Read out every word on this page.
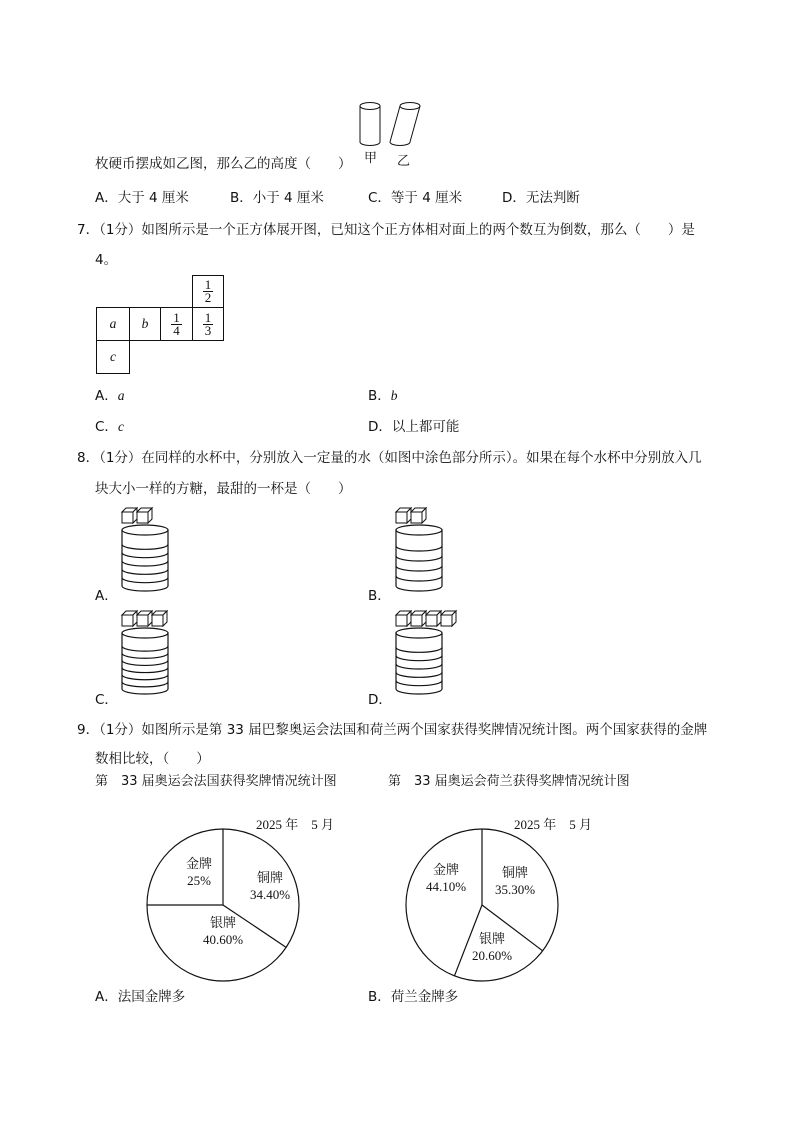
甲 乙
枚硬币摆成如乙图，那么乙的高度（　　）
A．大于 4 厘米	B．小于 4 厘米	C．等于 4 厘米	D．无法判断
7．（1分）如图所示是一个正方体展开图，已知这个正方体相对面上的两个数互为倒数，那么（　　）是
4。
$\frac{1}{2}$
a b $\frac{1}{4} \frac{1}{3}$
c
A．a	B．b
C．c	D．以上都可能
8．（1分）在同样的水杯中，分别放入一定量的水（如图中涂色部分所示）。如果在每个水杯中分别放入几
块大小一样的方糖，最甜的一杯是（　　）
A．	B．
C．	D．
9．（1分）如图所示是第 33 届巴黎奥运会法国和荷兰两个国家获得奖牌情况统计图。两个国家获得的金牌
数相比较，（　　）
第　33 届奥运会法国获得奖牌情况统计图	第　33 届奥运会荷兰获得奖牌情况统计图
2025 年　5 月	2025 年　5 月
金牌
25%	铜牌
34.40%
银牌
40.60%
金牌
44.10%
铜牌
35.30%
银牌
20.60%
A．法国金牌多	B．荷兰金牌多
